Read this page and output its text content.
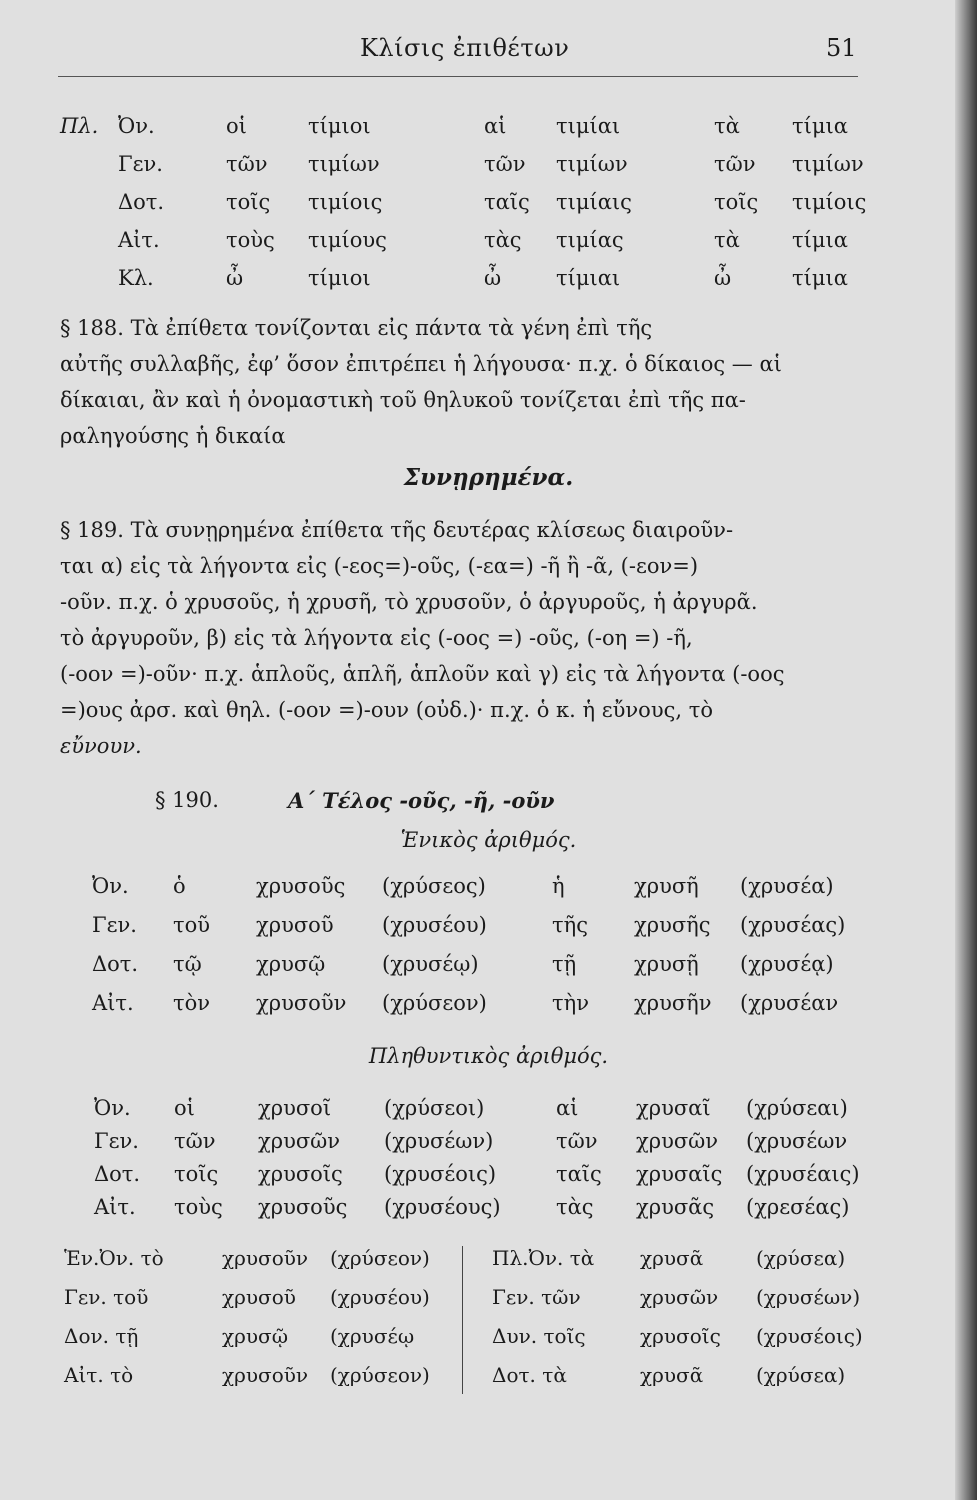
Κλίσις ἐπιθέτων	51
Πλ. Ὀν.	οἱ	τίμιοι	αἱ τιμίαι	τὰ τίμια
Γεν.	τῶν τιμίων	τῶν τιμίων	τῶν τιμίων
Δοτ.	τοῖς τιμίοις	ταῖς τιμίαις	τοῖς τιμίοις
Αἰτ.	τοὺς τιμίους	τὰς τιμίας	τὰ τίμια
Κλ.	ὦ	τίμιοι	ὦ	τίμιαι	ὦ	τίμια
§ 188. Τὰ ἐπίθετα τονίζονται εἰς πάντα τὰ γένη ἐπὶ τῆς
αὐτῆς συλλαβῆς, ἐφ’ ὅσον ἐπιτρέπει ἡ λήγουσα· π.χ. ὁ δίκαιος — αἱ
δίκαιαι, ἂν καὶ ἡ ὀνομαστικὴ τοῦ θηλυκοῦ τονίζεται ἐπὶ τῆς πα-
ραληγούσης ἡ δικαία
Συνῃρημένα.
§ 189. Τὰ συνῃρημένα ἐπίθετα τῆς δευτέρας κλίσεως διαιροῦν-
ται α) εἰς τὰ λήγοντα εἰς (-εος=)-οῦς, (-εα=) -ῆ ἢ -ᾶ, (-εον=)
-οῦν. π.χ. ὁ χρυσοῦς, ἡ χρυσῆ, τὸ χρυσοῦν, ὁ ἀργυροῦς, ἡ ἀργυρᾶ.
τὸ ἀργυροῦν, β) εἰς τὰ λήγοντα εἰς (-οος =) -οῦς, (-οη =) -ῆ,
(-οον =)-οῦν· π.χ. ἁπλοῦς, ἁπλῆ, ἁπλοῦν καὶ γ) εἰς τὰ λήγοντα (-οος
=)ους ἀρσ. καὶ θηλ. (-οον =)-ουν (οὐδ.)· π.χ. ὁ κ. ἡ εὔνους, τὸ
εὔνουν.
§ 190.	Α΄ Τέλος -οῦς, -ῆ, -οῦν
Ἑνικὸς ἀριθμός.
Ὀν. ὁ	χρυσοῦς (χρύσεος)	ἡ	χρυσῆ (χρυσέα)
Γεν. τοῦ χρυσοῦ (χρυσέου)	τῆς χρυσῆς (χρυσέας)
Δοτ. τῷ	χρυσῷ	(χρυσέῳ)	τῇ	χρυσῇ (χρυσέᾳ)
Αἰτ. τὸν χρυσοῦν (χρύσεον)	τὴν χρυσῆν (χρυσέαν
Πληθυντικὸς ἀριθμός.
Ὀν. οἱ	χρυσοῖ	(χρύσεοι)	αἱ	χρυσαῖ (χρύσεαι)
Γεν. τῶν χρυσῶν (χρυσέων)	τῶν χρυσῶν (χρυσέων
Δοτ. τοῖς χρυσοῖς (χρυσέοις)	ταῖς χρυσαῖς (χρυσέαις)
Αἰτ. τοὺς χρυσοῦς (χρυσέους)	τὰς χρυσᾶς (χρεσέας)
Ἑν.Ὀν. τὸ	χρυσοῦν (χρύσεον)
Γεν. τοῦ	χρυσοῦ (χρυσέου)
Δον. τῇ	χρυσῷ (χρυσέῳ
Αἰτ. τὸ	χρυσοῦν (χρύσεον)
Πλ.Ὀν. τὰ χρυσᾶ	(χρύσεα)
Γεν. τῶν	χρυσῶν (χρυσέων)
Δυν. τοῖς	χρυσοῖς (χρυσέοις)
Δοτ. τὰ	χρυσᾶ	(χρύσεα)
